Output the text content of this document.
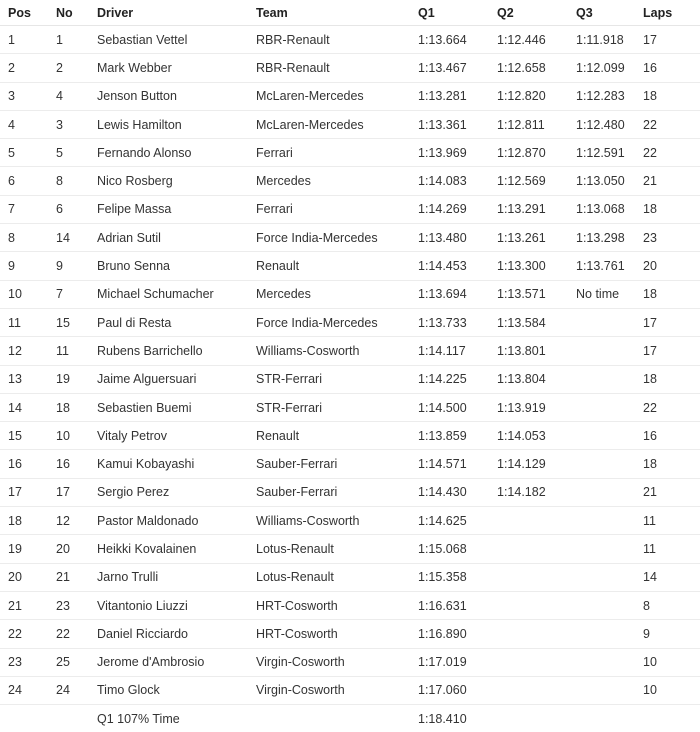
Pos	No	Driver	Team	Q1	Q2	Q3	Laps
1	1	Sebastian Vettel	RBR-Renault	1:13.664	1:12.446	1:11.918	17
2	2	Mark Webber	RBR-Renault	1:13.467	1:12.658	1:12.099	16
3	4	Jenson Button	McLaren-Mercedes	1:13.281	1:12.820	1:12.283	18
4	3	Lewis Hamilton	McLaren-Mercedes	1:13.361	1:12.811	1:12.480	22
5	5	Fernando Alonso	Ferrari	1:13.969	1:12.870	1:12.591	22
6	8	Nico Rosberg	Mercedes	1:14.083	1:12.569	1:13.050	21
7	6	Felipe Massa	Ferrari	1:14.269	1:13.291	1:13.068	18
8	14	Adrian Sutil	Force India-Mercedes	1:13.480	1:13.261	1:13.298	23
9	9	Bruno Senna	Renault	1:14.453	1:13.300	1:13.761	20
10	7	Michael Schumacher	Mercedes	1:13.694	1:13.571	No time	18
11	15	Paul di Resta	Force India-Mercedes	1:13.733	1:13.584		17
12	11	Rubens Barrichello	Williams-Cosworth	1:14.117	1:13.801		17
13	19	Jaime Alguersuari	STR-Ferrari	1:14.225	1:13.804		18
14	18	Sebastien Buemi	STR-Ferrari	1:14.500	1:13.919		22
15	10	Vitaly Petrov	Renault	1:13.859	1:14.053		16
16	16	Kamui Kobayashi	Sauber-Ferrari	1:14.571	1:14.129		18
17	17	Sergio Perez	Sauber-Ferrari	1:14.430	1:14.182		21
18	12	Pastor Maldonado	Williams-Cosworth	1:14.625			11
19	20	Heikki Kovalainen	Lotus-Renault	1:15.068			11
20	21	Jarno Trulli	Lotus-Renault	1:15.358			14
21	23	Vitantonio Liuzzi	HRT-Cosworth	1:16.631			8
22	22	Daniel Ricciardo	HRT-Cosworth	1:16.890			9
23	25	Jerome d'Ambrosio	Virgin-Cosworth	1:17.019			10
24	24	Timo Glock	Virgin-Cosworth	1:17.060			10
		Q1 107% Time		1:18.410			
